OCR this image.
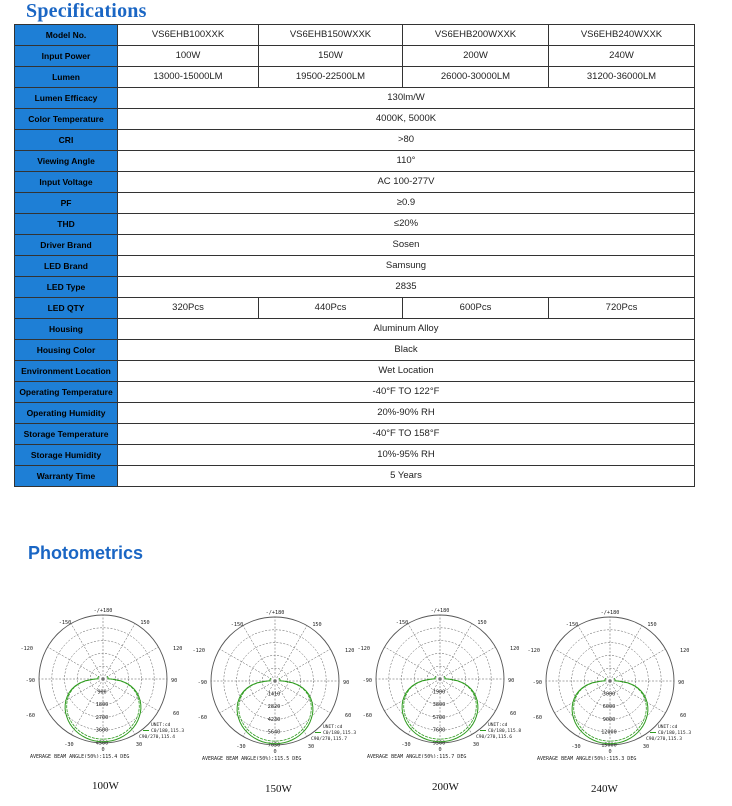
Specifications
Model No.	VS6EHB100XXK	VS6EHB150WXXK	VS6EHB200WXXK	VS6EHB240WXXK
Input Power	100W	150W	200W	240W
Lumen	13000-15000LM	19500-22500LM	26000-30000LM	31200-36000LM
Lumen Efficacy	130lm/W			
Color Temperature	4000K, 5000K			
CRI	>80			
Viewing Angle	110°			
Input Voltage	AC 100-277V			
PF	≥0.9			
THD	≤20%			
Driver Brand	Sosen			
LED Brand	Samsung			
LED Type	2835			
LED QTY	320Pcs	440Pcs	600Pcs	720Pcs
Housing	Aluminum Alloy			
Housing Color	Black			
Environment Location	Wet Location			
Operating Temperature	-40°F TO 122°F			
Operating Humidity	20%-90% RH			
Storage Temperature	-40°F TO 158°F			
Storage Humidity	10%-95% RH			
Warranty Time	5 Years			
Photometrics
-/+180
-150	150
-120	120
-90	90
-60	60
-30	30
0
900
1800
2700
3600
4500
UNIT:cd
C0/180,115.3
C90/270,115.4
AVERAGE BEAM ANGLE(50%):115.4 DEG
100W
-/+180
-150	150
-120	120
-90	90
-60	60
-30	30
0
1410
2820
4230
5640
7050
UNIT:cd
C0/180,115.3
C90/270,115.7
AVERAGE BEAM ANGLE(50%):115.5 DEG
150W
-/+180
-150	150
-120	120
-90	90
-60	60
-30	30
0
1900
3800
5700
7600
9500
UNIT:cd
C0/180,115.8
C90/270,115.6
AVERAGE BEAM ANGLE(50%):115.7 DEG
200W
-/+180
-150	150
-120	120
-90	90
-60	60
-30	30
0
3000
6000
9000
12000
15000
UNIT:cd
C0/180,115.3
C90/270,115.3
AVERAGE BEAM ANGLE(50%):115.3 DEG
240W
